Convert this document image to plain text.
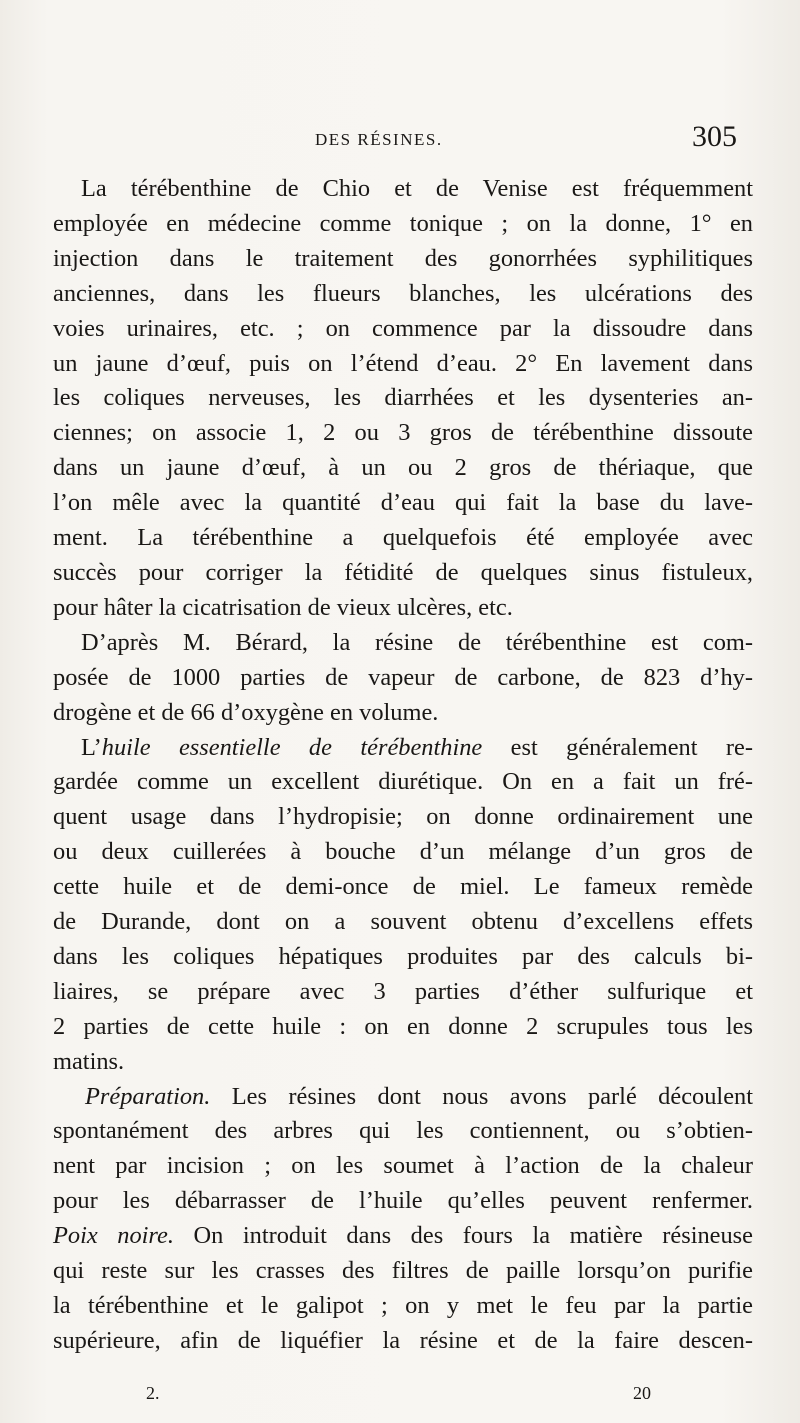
DES RÉSINES.	305
La térébenthine de Chio et de Venise est fréquemment
employée en médecine comme tonique ; on la donne, 1° en
injection dans le traitement des gonorrhées syphilitiques
anciennes, dans les flueurs blanches, les ulcérations des
voies urinaires, etc. ; on commence par la dissoudre dans
un jaune d’œuf, puis on l’étend d’eau. 2° En lavement dans
les coliques nerveuses, les diarrhées et les dysenteries an-
ciennes; on associe 1, 2 ou 3 gros de térébenthine dissoute
dans un jaune d’œuf, à un ou 2 gros de thériaque, que
l’on mêle avec la quantité d’eau qui fait la base du lave-
ment. La térébenthine a quelquefois été employée avec
succès pour corriger la fétidité de quelques sinus fistuleux,
pour hâter la cicatrisation de vieux ulcères, etc.
D’après M. Bérard, la résine de térébenthine est com-
posée de 1000 parties de vapeur de carbone, de 823 d’hy-
drogène et de 66 d’oxygène en volume.
L’huile essentielle de térébenthine est généralement re-
gardée comme un excellent diurétique. On en a fait un fré-
quent usage dans l’hydropisie; on donne ordinairement une
ou deux cuillerées à bouche d’un mélange d’un gros de
cette huile et de demi-once de miel. Le fameux remède
de Durande, dont on a souvent obtenu d’excellens effets
dans les coliques hépatiques produites par des calculs bi-
liaires, se prépare avec 3 parties d’éther sulfurique et
2 parties de cette huile : on en donne 2 scrupules tous les
matins.
Préparation. Les résines dont nous avons parlé découlent
spontanément des arbres qui les contiennent, ou s’obtien-
nent par incision ; on les soumet à l’action de la chaleur
pour les débarrasser de l’huile qu’elles peuvent renfermer.
Poix noire. On introduit dans des fours la matière résineuse
qui reste sur les crasses des filtres de paille lorsqu’on purifie
la térébenthine et le galipot ; on y met le feu par la partie
supérieure, afin de liquéfier la résine et de la faire descen-
2.	20
